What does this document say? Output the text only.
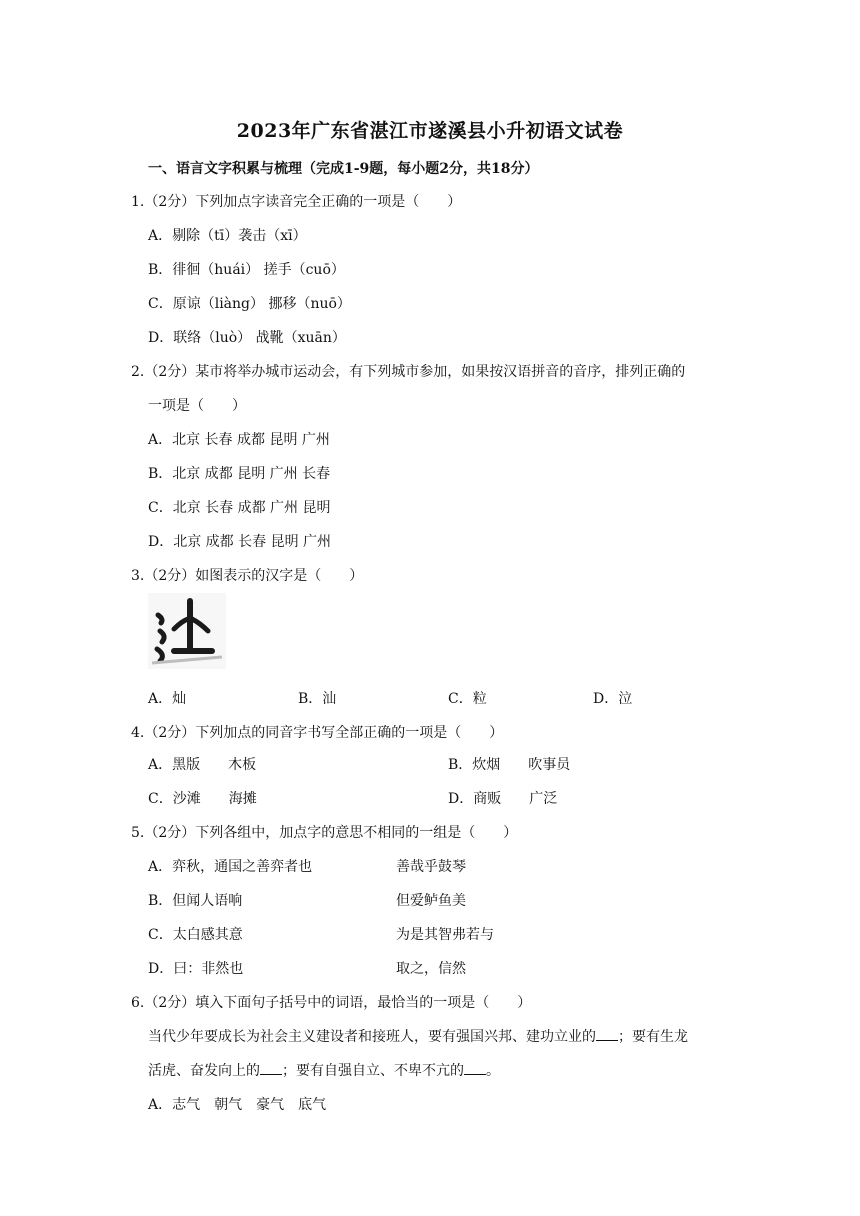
2023年广东省湛江市遂溪县小升初语文试卷
一、语言文字积累与梳理（完成1-9题，每小题2分，共18分）
1.（2分）下列加点字读音完全正确的一项是（　　）
A．剔除（tī）袭击（xī）
B．徘徊（huái） 搓手（cuō）
C．原谅（liàng） 挪移（nuō）
D．联络（luò） 战靴（xuān）
2.（2分）某市将举办城市运动会，有下列城市参加，如果按汉语拼音的音序，排列正确的
一项是（　　）
A．北京 长春 成都 昆明 广州
B．北京 成都 昆明 广州 长春
C．北京 长春 成都 广州 昆明
D．北京 成都 长春 昆明 广州
3.（2分）如图表示的汉字是（　　）
A．灿	B．汕	C．粒	D．泣
4.（2分）下列加点的同音字书写全部正确的一项是（　　）
A．黑版　　木板	B．炊烟　　吹事员
C．沙滩　　海摊	D．商贩　　广泛
5.（2分）下列各组中，加点字的意思不相同的一组是（　　）
A．弈秋，通国之善弈者也	善哉乎鼓琴
B．但闻人语响	但爱鲈鱼美
C．太白感其意	为是其智弗若与
D．曰：非然也	取之，信然
6.（2分）填入下面句子括号中的词语，最恰当的一项是（　　）
当代少年要成长为社会主义建设者和接班人，要有强国兴邦、建功立业的 ；要有生龙
活虎、奋发向上的 ；要有自强自立、不卑不亢的 。
A．志气　朝气　豪气　底气
